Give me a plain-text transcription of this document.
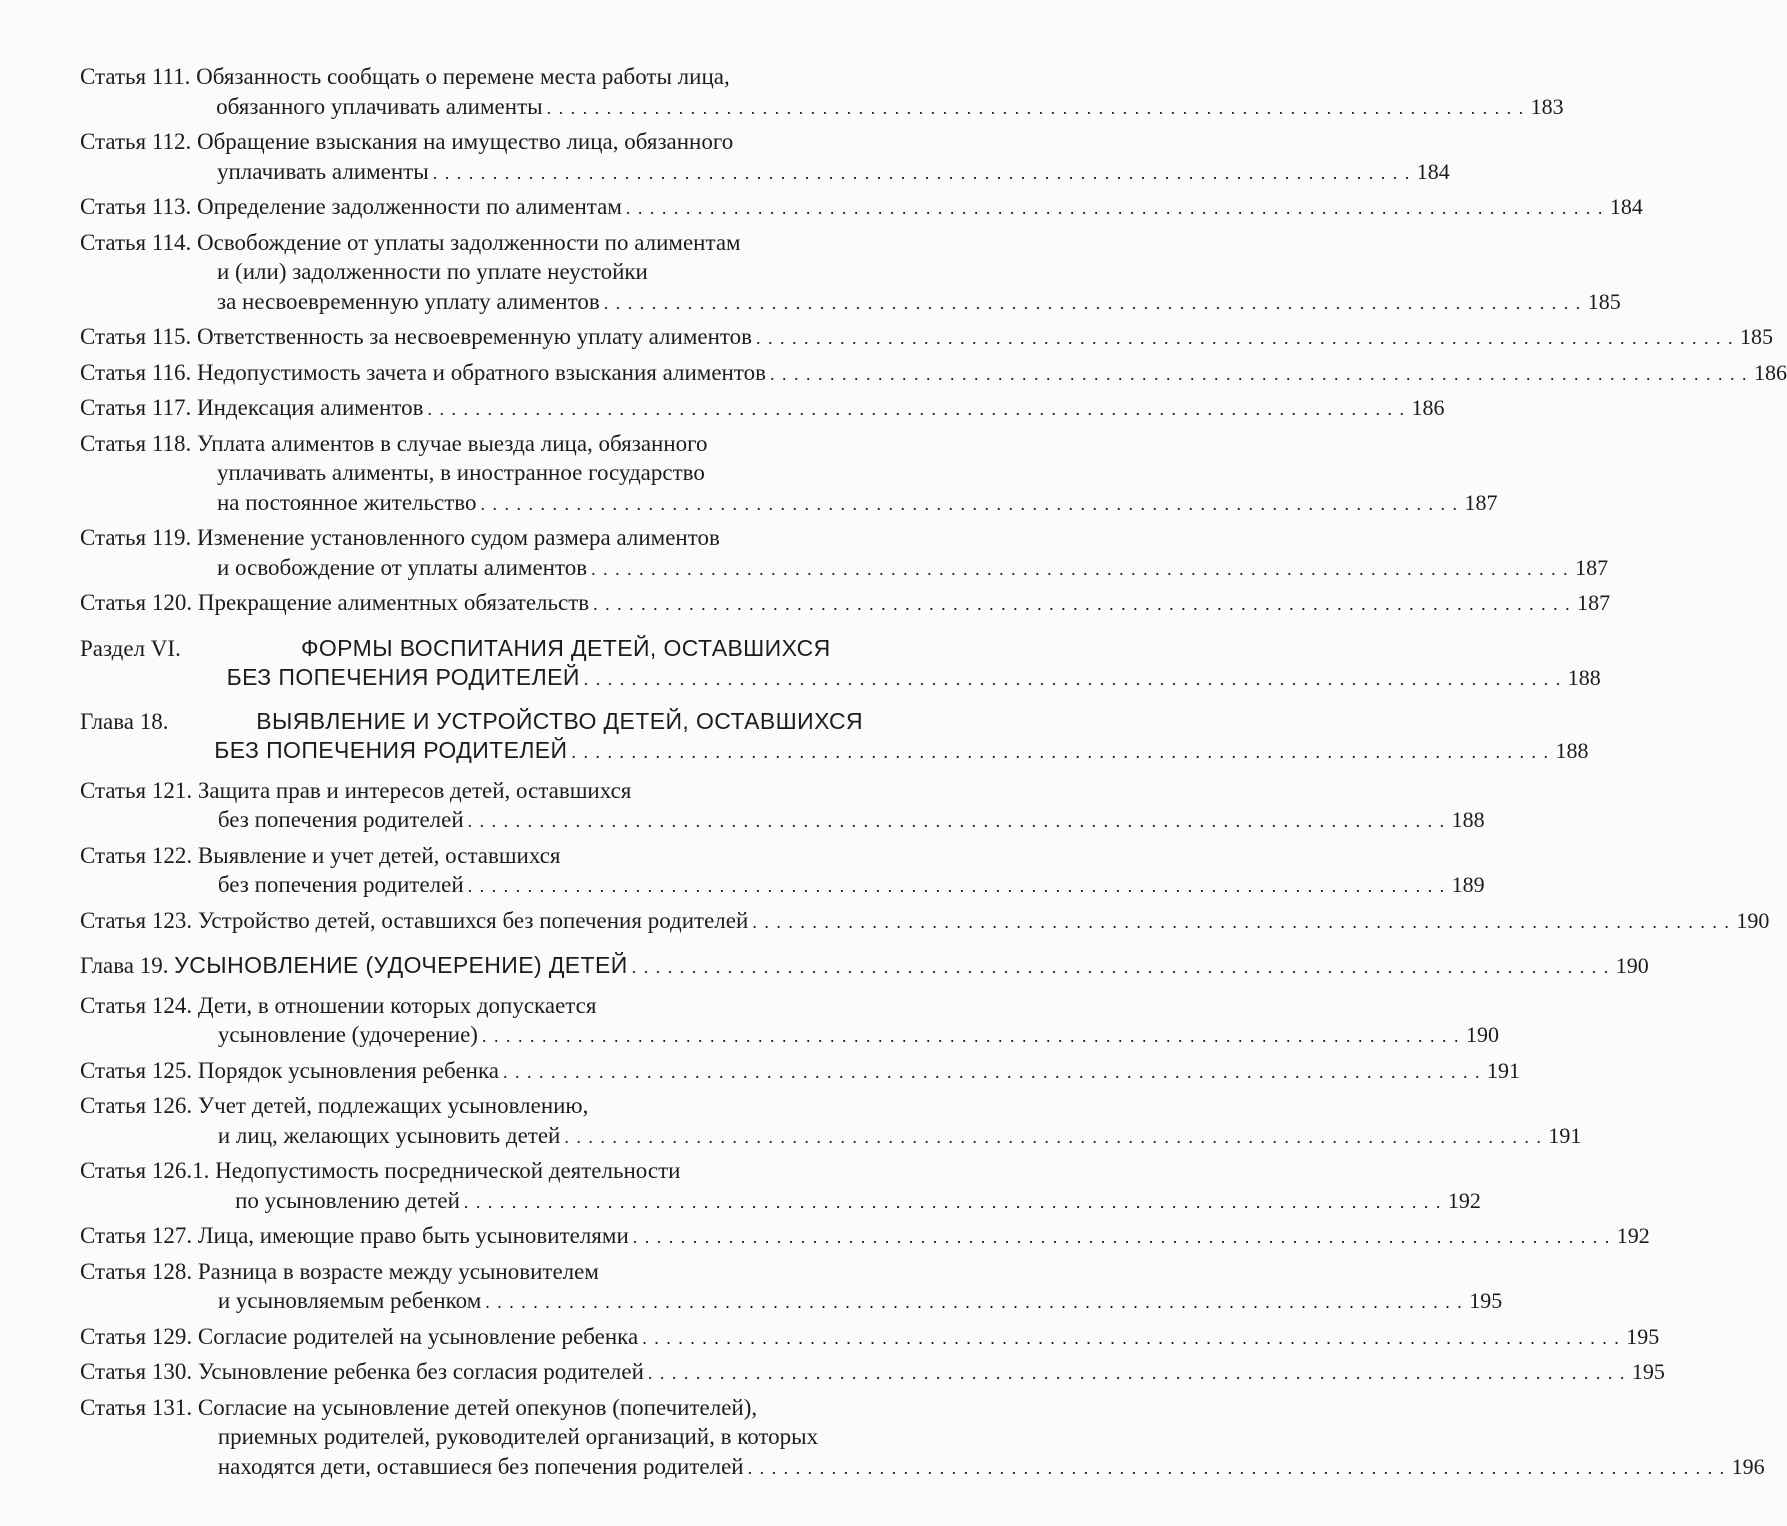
Статья 111. Обязанность сообщать о перемене места работы лица,
обязанного уплачивать алименты . . . . . . . . . . . . . . . . . . . . . . . . . . . . . . . . . . . . . . . . . . . . . . . . . . . . . . . . . . . . . . . . . . . . . . . . . . . . . . . . . . 183
Статья 112. Обращение взыскания на имущество лица, обязанного
уплачивать алименты . . . . . . . . . . . . . . . . . . . . . . . . . . . . . . . . . . . . . . . . . . . . . . . . . . . . . . . . . . . . . . . . . . . . . . . . . . . . . . . . . . 184
Статья 113. Определение задолженности по алиментам . . . . . . . . . . . . . . . . . . . . . . . . . . . . . . . . . . . . . . . . . . . . . . . . . . . . . . . . . . . . . . . . . . . . . . . . . . . . . . . . . . 184
Статья 114. Освобождение от уплаты задолженности по алиментам
и (или) задолженности по уплате неустойки
за несвоевременную уплату алиментов . . . . . . . . . . . . . . . . . . . . . . . . . . . . . . . . . . . . . . . . . . . . . . . . . . . . . . . . . . . . . . . . . . . . . . . . . . . . . . . . . . 185
Статья 115. Ответственность за несвоевременную уплату алиментов . . . . . . . . . . . . . . . . . . . . . . . . . . . . . . . . . . . . . . . . . . . . . . . . . . . . . . . . . . . . . . . . . . . . . . . . . . . . . . . . . . 185
Статья 116. Недопустимость зачета и обратного взыскания алиментов . . . . . . . . . . . . . . . . . . . . . . . . . . . . . . . . . . . . . . . . . . . . . . . . . . . . . . . . . . . . . . . . . . . . . . . . . . . . . . . . . . 186
Статья 117. Индексация алиментов . . . . . . . . . . . . . . . . . . . . . . . . . . . . . . . . . . . . . . . . . . . . . . . . . . . . . . . . . . . . . . . . . . . . . . . . . . . . . . . . . . 186
Статья 118. Уплата алиментов в случае выезда лица, обязанного
уплачивать алименты, в иностранное государство
на постоянное жительство . . . . . . . . . . . . . . . . . . . . . . . . . . . . . . . . . . . . . . . . . . . . . . . . . . . . . . . . . . . . . . . . . . . . . . . . . . . . . . . . . . 187
Статья 119. Изменение установленного судом размера алиментов
и освобождение от уплаты алиментов . . . . . . . . . . . . . . . . . . . . . . . . . . . . . . . . . . . . . . . . . . . . . . . . . . . . . . . . . . . . . . . . . . . . . . . . . . . . . . . . . . 187
Статья 120. Прекращение алиментных обязательств . . . . . . . . . . . . . . . . . . . . . . . . . . . . . . . . . . . . . . . . . . . . . . . . . . . . . . . . . . . . . . . . . . . . . . . . . . . . . . . . . . 187
Раздел VI.	ФОРМЫ ВОСПИТАНИЯ ДЕТЕЙ, ОСТАВШИХСЯ
БЕЗ ПОПЕЧЕНИЯ РОДИТЕЛЕЙ . . . . . . . . . . . . . . . . . . . . . . . . . . . . . . . . . . . . . . . . . . . . . . . . . . . . . . . . . . . . . . . . . . . . . . . . . . . . . . . . . . 188
Глава 18.	ВЫЯВЛЕНИЕ И УСТРОЙСТВО ДЕТЕЙ, ОСТАВШИХСЯ
БЕЗ ПОПЕЧЕНИЯ РОДИТЕЛЕЙ . . . . . . . . . . . . . . . . . . . . . . . . . . . . . . . . . . . . . . . . . . . . . . . . . . . . . . . . . . . . . . . . . . . . . . . . . . . . . . . . . . 188
Статья 121. Защита прав и интересов детей, оставшихся
без попечения родителей . . . . . . . . . . . . . . . . . . . . . . . . . . . . . . . . . . . . . . . . . . . . . . . . . . . . . . . . . . . . . . . . . . . . . . . . . . . . . . . . . . 188
Статья 122. Выявление и учет детей, оставшихся
без попечения родителей . . . . . . . . . . . . . . . . . . . . . . . . . . . . . . . . . . . . . . . . . . . . . . . . . . . . . . . . . . . . . . . . . . . . . . . . . . . . . . . . . . 189
Статья 123. Устройство детей, оставшихся без попечения родителей . . . . . . . . . . . . . . . . . . . . . . . . . . . . . . . . . . . . . . . . . . . . . . . . . . . . . . . . . . . . . . . . . . . . . . . . . . . . . . . . . . 190
Глава 19. УСЫНОВЛЕНИЕ (УДОЧЕРЕНИЕ) ДЕТЕЙ . . . . . . . . . . . . . . . . . . . . . . . . . . . . . . . . . . . . . . . . . . . . . . . . . . . . . . . . . . . . . . . . . . . . . . . . . . . . . . . . . . 190
Статья 124. Дети, в отношении которых допускается
усыновление (удочерение) . . . . . . . . . . . . . . . . . . . . . . . . . . . . . . . . . . . . . . . . . . . . . . . . . . . . . . . . . . . . . . . . . . . . . . . . . . . . . . . . . . 190
Статья 125. Порядок усыновления ребенка . . . . . . . . . . . . . . . . . . . . . . . . . . . . . . . . . . . . . . . . . . . . . . . . . . . . . . . . . . . . . . . . . . . . . . . . . . . . . . . . . . 191
Статья 126. Учет детей, подлежащих усыновлению,
и лиц, желающих усыновить детей . . . . . . . . . . . . . . . . . . . . . . . . . . . . . . . . . . . . . . . . . . . . . . . . . . . . . . . . . . . . . . . . . . . . . . . . . . . . . . . . . . 191
Статья 126.1. Недопустимость посреднической деятельности
по усыновлению детей . . . . . . . . . . . . . . . . . . . . . . . . . . . . . . . . . . . . . . . . . . . . . . . . . . . . . . . . . . . . . . . . . . . . . . . . . . . . . . . . . . 192
Статья 127. Лица, имеющие право быть усыновителями . . . . . . . . . . . . . . . . . . . . . . . . . . . . . . . . . . . . . . . . . . . . . . . . . . . . . . . . . . . . . . . . . . . . . . . . . . . . . . . . . . 192
Статья 128. Разница в возрасте между усыновителем
и усыновляемым ребенком . . . . . . . . . . . . . . . . . . . . . . . . . . . . . . . . . . . . . . . . . . . . . . . . . . . . . . . . . . . . . . . . . . . . . . . . . . . . . . . . . . 195
Статья 129. Согласие родителей на усыновление ребенка . . . . . . . . . . . . . . . . . . . . . . . . . . . . . . . . . . . . . . . . . . . . . . . . . . . . . . . . . . . . . . . . . . . . . . . . . . . . . . . . . . 195
Статья 130. Усыновление ребенка без согласия родителей . . . . . . . . . . . . . . . . . . . . . . . . . . . . . . . . . . . . . . . . . . . . . . . . . . . . . . . . . . . . . . . . . . . . . . . . . . . . . . . . . . 195
Статья 131. Согласие на усыновление детей опекунов (попечителей),
приемных родителей, руководителей организаций, в которых
находятся дети, оставшиеся без попечения родителей . . . . . . . . . . . . . . . . . . . . . . . . . . . . . . . . . . . . . . . . . . . . . . . . . . . . . . . . . . . . . . . . . . . . . . . . . . . . . . . . . . 196
